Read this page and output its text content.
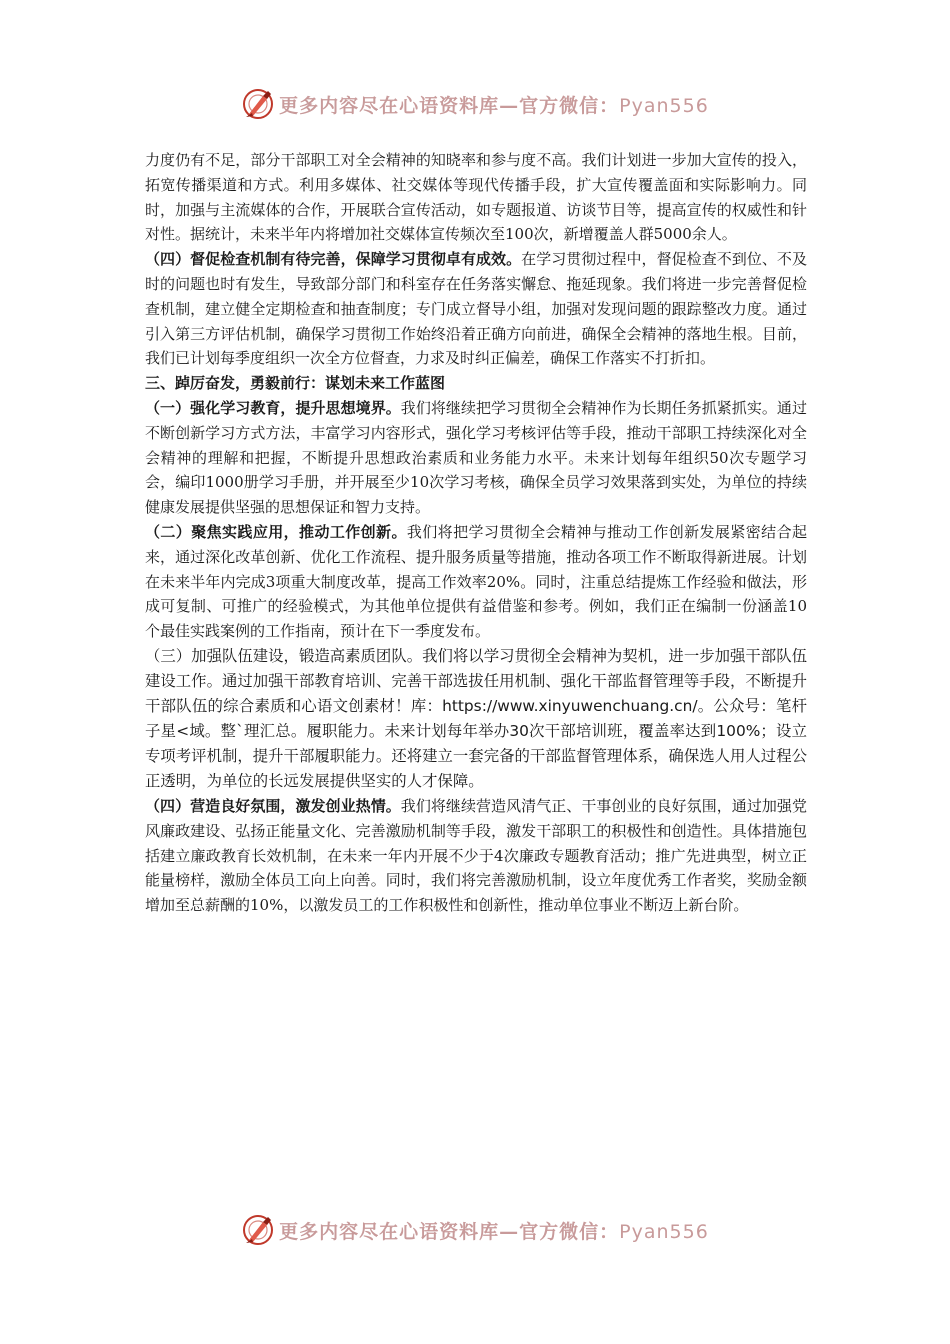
更多内容尽在心语资料库—官方微信：Pyan556

力度仍有不足，部分干部职工对全会精神的知晓率和参与度不高。我们计划进一步加大宣传的投入，拓宽传播渠道和方式。利用多媒体、社交媒体等现代传播手段，扩大宣传覆盖面和实际影响力。同时，加强与主流媒体的合作，开展联合宣传活动，如专题报道、访谈节目等，提高宣传的权威性和针对性。据统计，未来半年内将增加社交媒体宣传频次至100次，新增覆盖人群5000余人。

（四）督促检查机制有待完善，保障学习贯彻卓有成效。在学习贯彻过程中，督促检查不到位、不及时的问题也时有发生，导致部分部门和科室存在任务落实懈怠、拖延现象。我们将进一步完善督促检查机制，建立健全定期检查和抽查制度；专门成立督导小组，加强对发现问题的跟踪整改力度。通过引入第三方评估机制，确保学习贯彻工作始终沿着正确方向前进，确保全会精神的落地生根。目前，我们已计划每季度组织一次全方位督查，力求及时纠正偏差，确保工作落实不打折扣。

三、踔厉奋发，勇毅前行：谋划未来工作蓝图

（一）强化学习教育，提升思想境界。我们将继续把学习贯彻全会精神作为长期任务抓紧抓实。通过不断创新学习方式方法，丰富学习内容形式，强化学习考核评估等手段，推动干部职工持续深化对全会精神的理解和把握，不断提升思想政治素质和业务能力水平。未来计划每年组织50次专题学习会，编印1000册学习手册，并开展至少10次学习考核，确保全员学习效果落到实处，为单位的持续健康发展提供坚强的思想保证和智力支持。

（二）聚焦实践应用，推动工作创新。我们将把学习贯彻全会精神与推动工作创新发展紧密结合起来，通过深化改革创新、优化工作流程、提升服务质量等措施，推动各项工作不断取得新进展。计划在未来半年内完成3项重大制度改革，提高工作效率20%。同时，注重总结提炼工作经验和做法，形成可复制、可推广的经验模式，为其他单位提供有益借鉴和参考。例如，我们正在编制一份涵盖10个最佳实践案例的工作指南，预计在下一季度发布。

（三）加强队伍建设，锻造高素质团队。我们将以学习贯彻全会精神为契机，进一步加强干部队伍建设工作。通过加强干部教育培训、完善干部选拔任用机制、强化干部监督管理等手段，不断提升干部队伍的综合素质和心语文创素材！库：https://www.xinyuwenchuang.cn/。公众号：笔杆子星<域。整`理汇总。履职能力。未来计划每年举办30次干部培训班，覆盖率达到100%；设立专项考评机制，提升干部履职能力。还将建立一套完备的干部监督管理体系，确保选人用人过程公正透明，为单位的长远发展提供坚实的人才保障。

（四）营造良好氛围，激发创业热情。我们将继续营造风清气正、干事创业的良好氛围，通过加强党风廉政建设、弘扬正能量文化、完善激励机制等手段，激发干部职工的积极性和创造性。具体措施包括建立廉政教育长效机制，在未来一年内开展不少于4次廉政专题教育活动；推广先进典型，树立正能量榜样，激励全体员工向上向善。同时，我们将完善激励机制，设立年度优秀工作者奖，奖励金额增加至总薪酬的10%，以激发员工的工作积极性和创新性，推动单位事业不断迈上新台阶。

更多内容尽在心语资料库—官方微信：Pyan556
